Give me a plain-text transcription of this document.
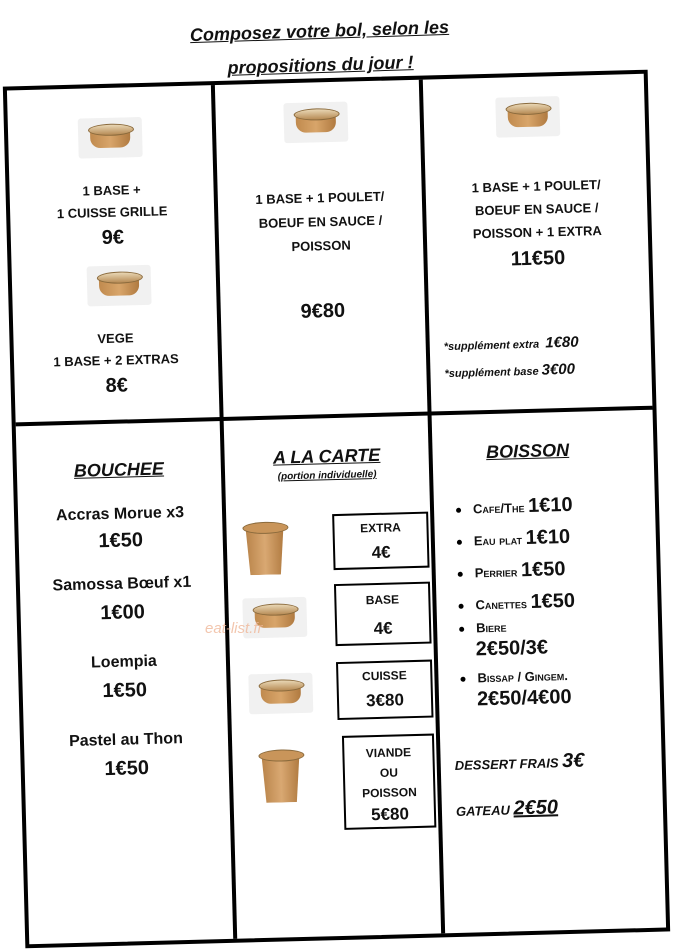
Composez votre bol, selon les
propositions du jour !
1 BASE +
1 CUISSE GRILLE
9€
VEGE
1 BASE + 2 EXTRAS
8€
1 BASE + 1 POULET/
BOEUF EN SAUCE /
POISSON
9€80
1 BASE + 1 POULET/
BOEUF EN SAUCE /
POISSON + 1 EXTRA
11€50
*supplément extra 1€80
*supplément base 3€00
BOUCHEE
Accras Morue x3
1€50
Samossa Bœuf x1
1€00
Loempia
1€50
Pastel au Thon
1€50
A LA CARTE
(portion individuelle)
EXTRA
4€
BASE
4€
CUISSE
3€80
VIANDE
OU
POISSON
5€80
BOISSON
Cafe/The 1€10
Eau plat 1€10
Perrier 1€50
Canettes 1€50
Biere
2€50/3€
Bissap / Gingem.
2€50/4€00
DESSERT FRAIS 3€
GATEAU 2€50
eat-list.fr
